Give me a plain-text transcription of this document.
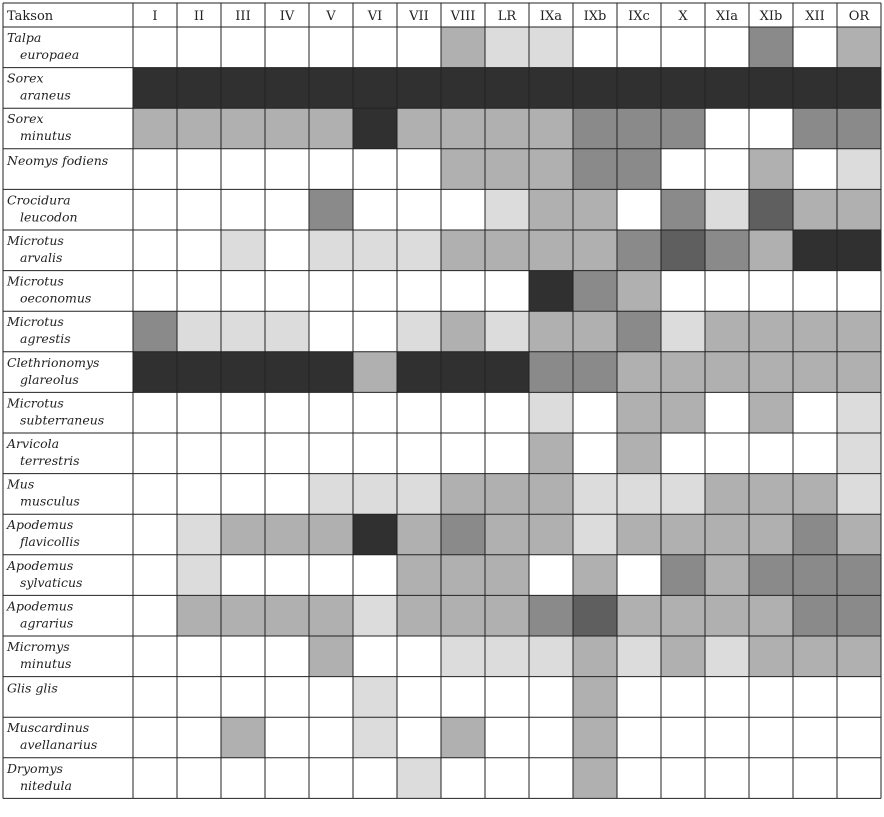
Takson	I	II III IV V VI VII VIII LR IXa IXb IXc X XIa XIb XII OR
Talpa
europaea
Sorex
araneus
Sorex
minutus
Neomys fodiens
Crocidura
leucodon
Microtus
arvalis
Microtus
oeconomus
Microtus
agrestis
Clethrionomys
glareolus
Microtus
subterraneus
Arvicola
terrestris
Mus
musculus
Apodemus
flavicollis
Apodemus
sylvaticus
Apodemus
agrarius
Micromys
minutus
Glis glis
Muscardinus
avellanarius
Dryomys
nitedula
